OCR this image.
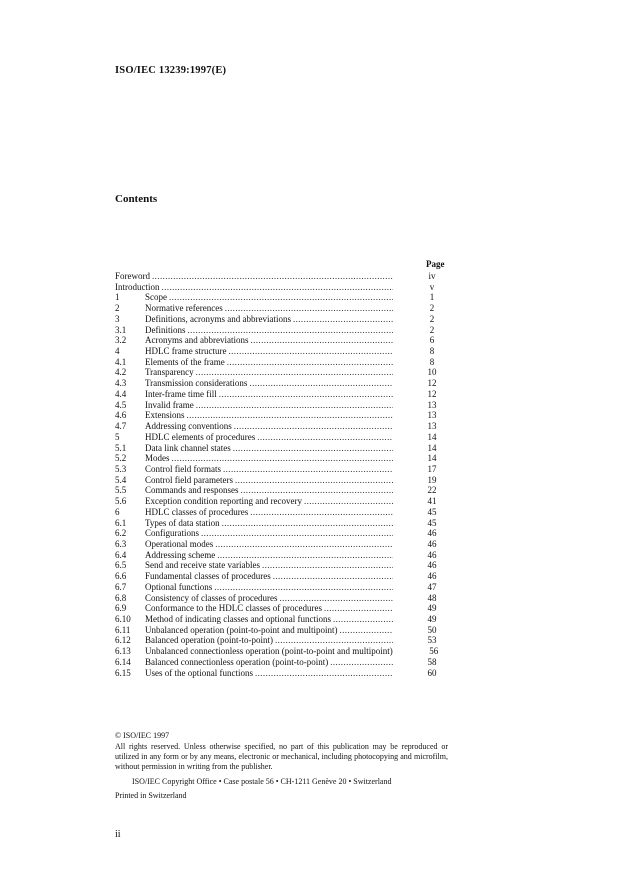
ISO/IEC 13239:1997(E)
Contents
Page
Foreword .....	iv
Introduction .....	v
1	Scope .....	1
2	Normative references .....	2
3	Definitions, acronyms and abbreviations .....	2
3.1	Definitions .....	2
3.2	Acronyms and abbreviations .....	6
4	HDLC frame structure .....	8
4.1	Elements of the frame .....	8
4.2	Transparency .....	10
4.3	Transmission considerations .....	12
4.4	Inter-frame time fill .....	12
4.5	Invalid frame .....	13
4.6	Extensions .....	13
4.7	Addressing conventions .....	13
5	HDLC elements of procedures .....	14
5.1	Data link channel states .....	14
5.2	Modes .....	14
5.3	Control field formats .....	17
5.4	Control field parameters .....	19
5.5	Commands and responses .....	22
5.6	Exception condition reporting and recovery .....	41
6	HDLC classes of procedures .....	45
6.1	Types of data station .....	45
6.2	Configurations .....	46
6.3	Operational modes .....	46
6.4	Addressing scheme .....	46
6.5	Send and receive state variables .....	46
6.6	Fundamental classes of procedures .....	46
6.7	Optional functions .....	47
6.8	Consistency of classes of procedures .....	48
6.9	Conformance to the HDLC classes of procedures .....	49
6.10	Method of indicating classes and optional functions .....	49
6.11	Unbalanced operation (point-to-point and multipoint) .....	50
6.12	Balanced operation (point-to-point) .....	53
6.13	Unbalanced connectionless operation (point-to-point and multipoint)	56
6.14	Balanced connectionless operation (point-to-point) .....	58
6.15	Uses of the optional functions .....	60
© ISO/IEC 1997
All rights reserved. Unless otherwise specified, no part of this publication may be reproduced or utilized in any form or by any means, electronic or mechanical, including photocopying and microfilm, without permission in writing from the publisher.
ISO/IEC Copyright Office • Case postale 56 • CH-1211 Genève 20 • Switzerland
Printed in Switzerland
ii
